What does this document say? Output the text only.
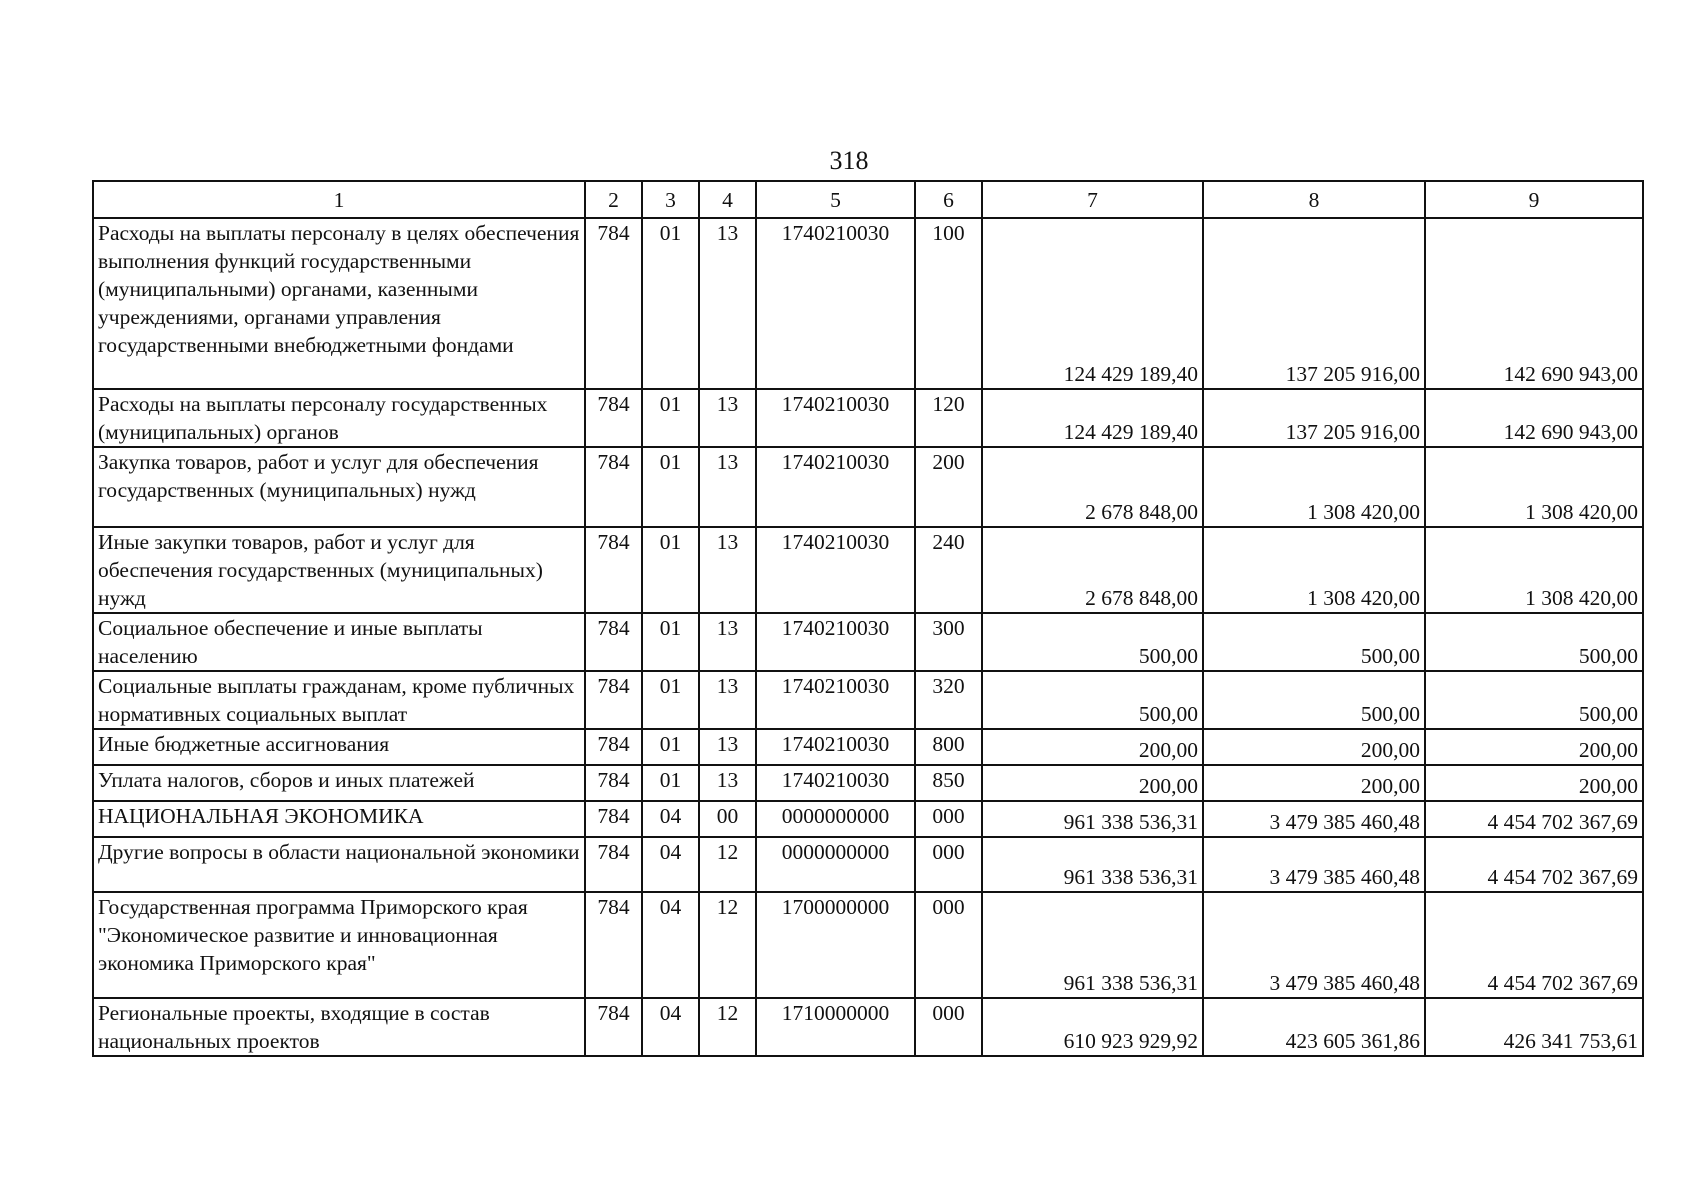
318
1	2	3	4	5	6	7	8	9
Расходы на выплаты персоналу в целях обеспечения выполнения функций государственными (муниципальными) органами, казенными учреждениями, органами управления государственными внебюджетными фондами	784	01	13	1740210030	100	124 429 189,40	137 205 916,00	142 690 943,00
Расходы на выплаты персоналу государственных (муниципальных) органов	784	01	13	1740210030	120	124 429 189,40	137 205 916,00	142 690 943,00
Закупка товаров, работ и услуг для обеспечения государственных (муниципальных) нужд	784	01	13	1740210030	200	2 678 848,00	1 308 420,00	1 308 420,00
Иные закупки товаров, работ и услуг для обеспечения государственных (муниципальных) нужд	784	01	13	1740210030	240	2 678 848,00	1 308 420,00	1 308 420,00
Социальное обеспечение и иные выплаты населению	784	01	13	1740210030	300	500,00	500,00	500,00
Социальные выплаты гражданам, кроме публичных нормативных социальных выплат	784	01	13	1740210030	320	500,00	500,00	500,00
Иные бюджетные ассигнования	784	01	13	1740210030	800	200,00	200,00	200,00
Уплата налогов, сборов и иных платежей	784	01	13	1740210030	850	200,00	200,00	200,00
НАЦИОНАЛЬНАЯ ЭКОНОМИКА	784	04	00	0000000000	000	961 338 536,31	3 479 385 460,48	4 454 702 367,69
Другие вопросы в области национальной экономики	784	04	12	0000000000	000	961 338 536,31	3 479 385 460,48	4 454 702 367,69
Государственная программа Приморского края "Экономическое развитие и инновационная экономика Приморского края"	784	04	12	1700000000	000	961 338 536,31	3 479 385 460,48	4 454 702 367,69
Региональные проекты, входящие в состав национальных проектов	784	04	12	1710000000	000	610 923 929,92	423 605 361,86	426 341 753,61
